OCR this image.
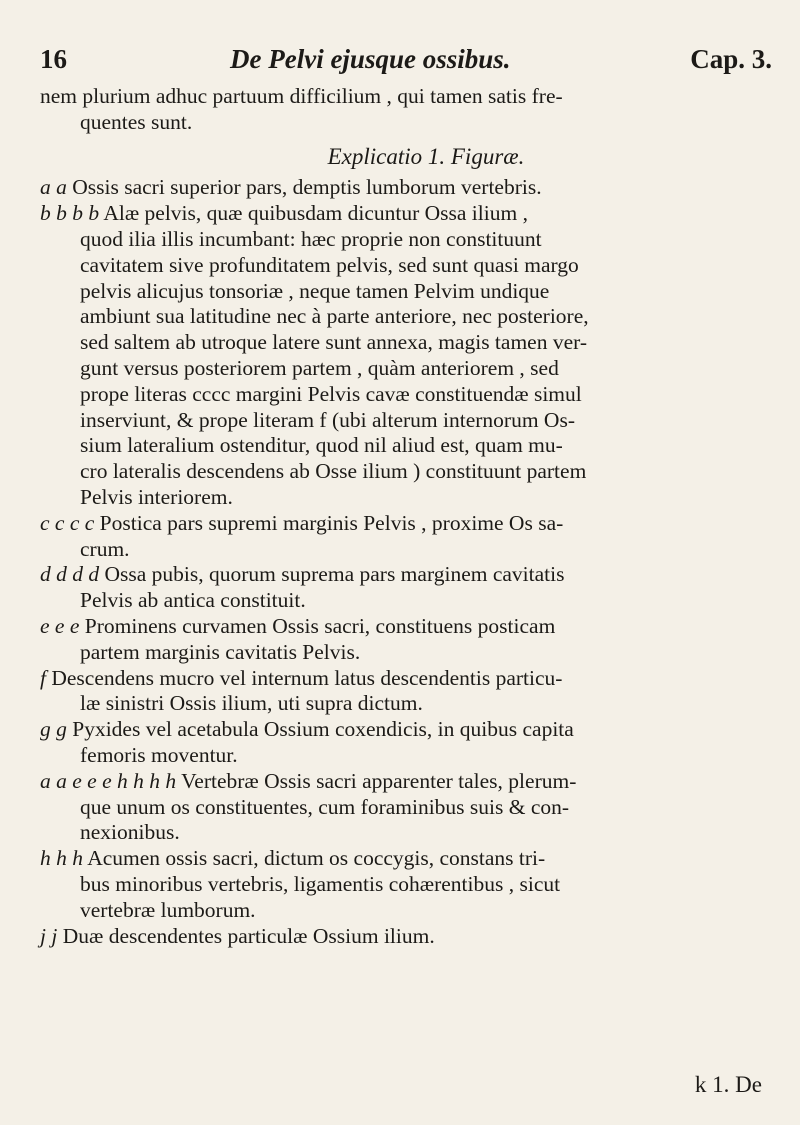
16	De Pelvi ejusque ossibus.	Cap. 3.
nem plurium adhuc partuum difficilium , qui tamen satis fre-
quentes sunt.
Explicatio 1. Figuræ.
a a Ossis sacri superior pars, demptis lumborum vertebris.
b b b b Alæ pelvis, quæ quibusdam dicuntur Ossa ilium ,
quod ilia illis incumbant: hæc proprie non constituunt
cavitatem sive profunditatem pelvis, sed sunt quasi margo
pelvis alicujus tonsoriæ , neque tamen Pelvim undique
ambiunt sua latitudine nec à parte anteriore, nec posteriore,
sed saltem ab utroque latere sunt annexa, magis tamen ver-
gunt versus posteriorem partem , quàm anteriorem , sed
prope literas cccc margini Pelvis cavæ constituendæ simul
inserviunt, & prope literam f (ubi alterum internorum Os-
sium lateralium ostenditur, quod nil aliud est, quam mu-
cro lateralis descendens ab Osse ilium ) constituunt partem
Pelvis interiorem.
c c c c Postica pars supremi marginis Pelvis , proxime Os sa-
crum.
d d d d Ossa pubis, quorum suprema pars marginem cavitatis
Pelvis ab antica constituit.
e e e Prominens curvamen Ossis sacri, constituens posticam
partem marginis cavitatis Pelvis.
f Descendens mucro vel internum latus descendentis particu-
læ sinistri Ossis ilium, uti supra dictum.
g g Pyxides vel acetabula Ossium coxendicis, in quibus capita
femoris moventur.
a a e e e h h h h Vertebræ Ossis sacri apparenter tales, plerum-
que unum os constituentes, cum foraminibus suis & con-
nexionibus.
h h h Acumen ossis sacri, dictum os coccygis, constans tri-
bus minoribus vertebris, ligamentis cohærentibus , sicut
vertebræ lumborum.
j j Duæ descendentes particulæ Ossium ilium.
k 1. De
